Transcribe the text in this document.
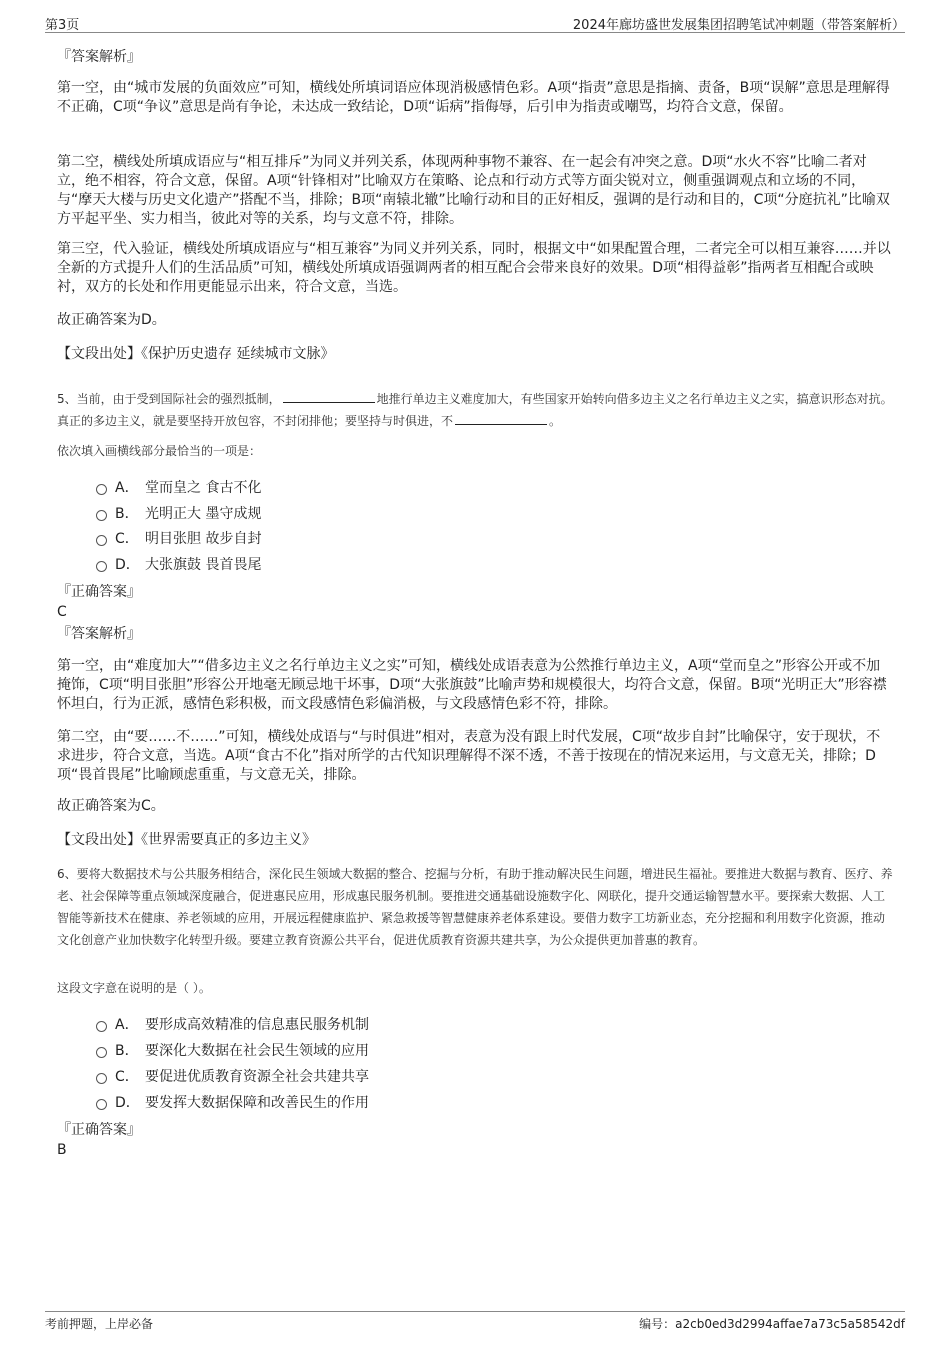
第3页	2024年廊坊盛世发展集团招聘笔试冲刺题（带答案解析）
『答案解析』

第一空，由“城市发展的负面效应”可知，横线处所填词语应体现消极感情色彩。A项“指责”意思是指摘、责备，B项“误解”意思是理解得不正确，C项“争议”意思是尚有争论，未达成一致结论，D项“诟病”指侮辱，后引申为指责或嘲骂，均符合文意，保留。

第二空，横线处所填成语应与“相互排斥”为同义并列关系，体现两种事物不兼容、在一起会有冲突之意。D项“水火不容”比喻二者对立，绝不相容，符合文意，保留。A项“针锋相对”比喻双方在策略、论点和行动方式等方面尖锐对立，侧重强调观点和立场的不同，与“摩天大楼与历史文化遗产”搭配不当，排除；B项“南辕北辙”比喻行动和目的正好相反，强调的是行动和目的，C项“分庭抗礼”比喻双方平起平坐、实力相当，彼此对等的关系，均与文意不符，排除。

第三空，代入验证，横线处所填成语应与“相互兼容”为同义并列关系，同时，根据文中“如果配置合理，二者完全可以相互兼容……并以全新的方式提升人们的生活品质”可知，横线处所填成语强调两者的相互配合会带来良好的效果。D项“相得益彰”指两者互相配合或映衬，双方的长处和作用更能显示出来，符合文意，当选。

故正确答案为D。

【文段出处】《保护历史遗存 延续城市文脉》

5、当前，由于受到国际社会的强烈抵制，	地推行单边主义难度加大，有些国家开始转向借多边主义之名行单边主义之实，搞意识形态对抗。真正的多边主义，就是要坚持开放包容，不封闭排他；要坚持与时俱进，不	。
依次填入画横线部分最恰当的一项是：
A． 堂而皇之 食古不化
B． 光明正大 墨守成规
C． 明目张胆 故步自封
D． 大张旗鼓 畏首畏尾
『正确答案』
C
『答案解析』

第一空，由“难度加大”“借多边主义之名行单边主义之实”可知，横线处成语表意为公然推行单边主义，A项“堂而皇之”形容公开或不加掩饰，C项“明目张胆”形容公开地毫无顾忌地干坏事，D项“大张旗鼓”比喻声势和规模很大，均符合文意，保留。B项“光明正大”形容襟怀坦白，行为正派，感情色彩积极，而文段感情色彩偏消极，与文段感情色彩不符，排除。

第二空，由“要……不……”可知，横线处成语与“与时俱进”相对，表意为没有跟上时代发展，C项“故步自封”比喻保守，安于现状，不求进步，符合文意，当选。A项“食古不化”指对所学的古代知识理解得不深不透，不善于按现在的情况来运用，与文意无关，排除；D项“畏首畏尾”比喻顾虑重重，与文意无关，排除。

故正确答案为C。

【文段出处】《世界需要真正的多边主义》

6、要将大数据技术与公共服务相结合，深化民生领域大数据的整合、挖掘与分析，有助于推动解决民生问题，增进民生福祉。要推进大数据与教育、医疗、养老、社会保障等重点领域深度融合，促进惠民应用，形成惠民服务机制。要推进交通基础设施数字化、网联化，提升交通运输智慧水平。要探索大数据、人工智能等新技术在健康、养老领域的应用，开展远程健康监护、紧急救援等智慧健康养老体系建设。要借力数字工坊新业态，充分挖掘和利用数字化资源，推动文化创意产业加快数字化转型升级。要建立教育资源公共平台，促进优质教育资源共建共享，为公众提供更加普惠的教育。
这段文字意在说明的是（ ）。
A． 要形成高效精准的信息惠民服务机制
B． 要深化大数据在社会民生领域的应用
C． 要促进优质教育资源全社会共建共享
D． 要发挥大数据保障和改善民生的作用
『正确答案』
B
考前押题，上岸必备	编号：a2cb0ed3d2994affae7a73c5a58542df
